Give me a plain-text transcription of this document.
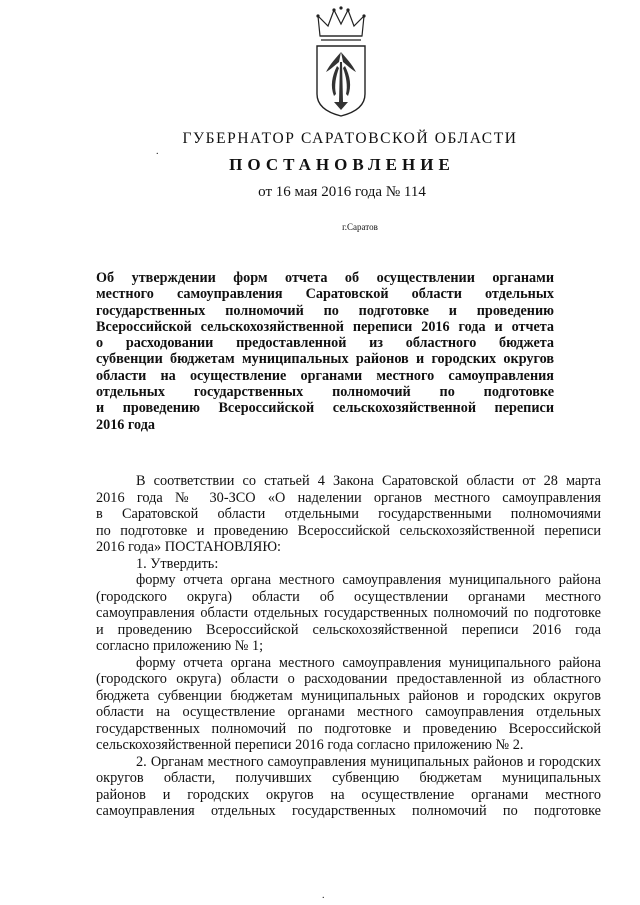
ГУБЕРНАТОР САРАТОВСКОЙ ОБЛАСТИ
.
ПОСТАНОВЛЕНИЕ
от 16 мая 2016 года № 114
г.Саратов
Об утверждении форм отчета об осуществлении органами
местного самоуправления Саратовской области отдельных
государственных полномочий по подготовке и проведению
Всероссийской сельскохозяйственной переписи 2016 года и отчета
о расходовании предоставленной из областного бюджета
субвенции бюджетам муниципальных районов и городских округов
области на осуществление органами местного самоуправления
отдельных государственных полномочий по подготовке
и проведению Всероссийской сельскохозяйственной переписи
2016 года
В соответствии со статьей 4 Закона Саратовской области от 28 марта
2016 года № 30-ЗСО «О наделении органов местного самоуправления
в Саратовской области отдельными государственными полномочиями
по подготовке и проведению Всероссийской сельскохозяйственной переписи
2016 года» ПОСТАНОВЛЯЮ:
1. Утвердить:
форму отчета органа местного самоуправления муниципального района
(городского округа) области об осуществлении органами местного
самоуправления области отдельных государственных полномочий по подготовке
и проведению Всероссийской сельскохозяйственной переписи 2016 года
согласно приложению № 1;
форму отчета органа местного самоуправления муниципального района
(городского округа) области о расходовании предоставленной из областного
бюджета субвенции бюджетам муниципальных районов и городских округов
области на осуществление органами местного самоуправления отдельных
государственных полномочий по подготовке и проведению Всероссийской
сельскохозяйственной переписи 2016 года согласно приложению № 2.
2. Органам местного самоуправления муниципальных районов и городских
округов области, получивших субвенцию бюджетам муниципальных
районов и городских округов на осуществление органами местного
самоуправления отдельных государственных полномочий по подготовке
.
